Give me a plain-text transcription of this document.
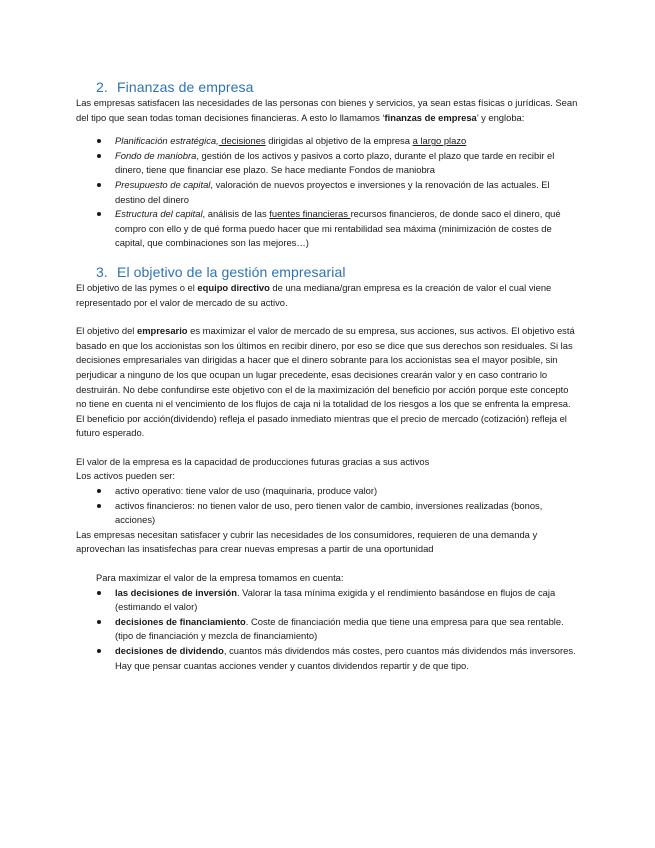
2. Finanzas de empresa

Las empresas satisfacen las necesidades de las personas con bienes y servicios, ya sean estas físicas o jurídicas. Sean del tipo que sean todas toman decisiones financieras. A esto lo llamamos ‘finanzas de empresa’ y engloba:

Planificación estratégica, decisiones dirigidas al objetivo de la empresa a largo plazo
Fondo de maniobra, gestión de los activos y pasivos a corto plazo, durante el plazo que tarde en recibir el dinero, tiene que financiar ese plazo. Se hace mediante Fondos de maniobra
Presupuesto de capital, valoración de nuevos proyectos e inversiones y la renovación de las actuales. El destino del dinero
Estructura del capital, análisis de las fuentes financieras recursos financieros, de donde saco el dinero, qué compro con ello y de qué forma puedo hacer que mi rentabilidad sea máxima (minimización de costes de capital, que combinaciones son las mejores…)
3. El objetivo de la gestión empresarial

El objetivo de las pymes o el equipo directivo de una mediana/gran empresa es la creación de valor el cual viene representado por el valor de mercado de su activo.

El objetivo del empresario es maximizar el valor de mercado de su empresa, sus acciones, sus activos. El objetivo está basado en que los accionistas son los últimos en recibir dinero, por eso se dice que sus derechos son residuales. Si las decisiones empresariales van dirigidas a hacer que el dinero sobrante para los accionistas sea el mayor posible, sin perjudicar a ninguno de los que ocupan un lugar precedente, esas decisiones crearán valor y en caso contrario lo destruirán. No debe confundirse este objetivo con el de la maximización del beneficio por acción porque este concepto no tiene en cuenta ni el vencimiento de los flujos de caja ni la totalidad de los riesgos a los que se enfrenta la empresa.

El beneficio por acción(dividendo) refleja el pasado inmediato mientras que el precio de mercado (cotización) refleja el futuro esperado.

El valor de la empresa es la capacidad de producciones futuras gracias a sus activos

Los activos pueden ser:

activo operativo: tiene valor de uso (maquinaria, produce valor)
activos financieros: no tienen valor de uso, pero tienen valor de cambio, inversiones realizadas (bonos, acciones)

Las empresas necesitan satisfacer y cubrir las necesidades de los consumidores, requieren de una demanda y aprovechan las insatisfechas para crear nuevas empresas a partir de una oportunidad

Para maximizar el valor de la empresa tomamos en cuenta:

las decisiones de inversión. Valorar la tasa mínima exigida y el rendimiento basándose en flujos de caja (estimando el valor)
decisiones de financiamiento. Coste de financiación media que tiene una empresa para que sea rentable. (tipo de financiación y mezcla de financiamiento)
decisiones de dividendo, cuantos más dividendos más costes, pero cuantos más dividendos más inversores. Hay que pensar cuantas acciones vender y cuantos dividendos repartir y de que tipo.
